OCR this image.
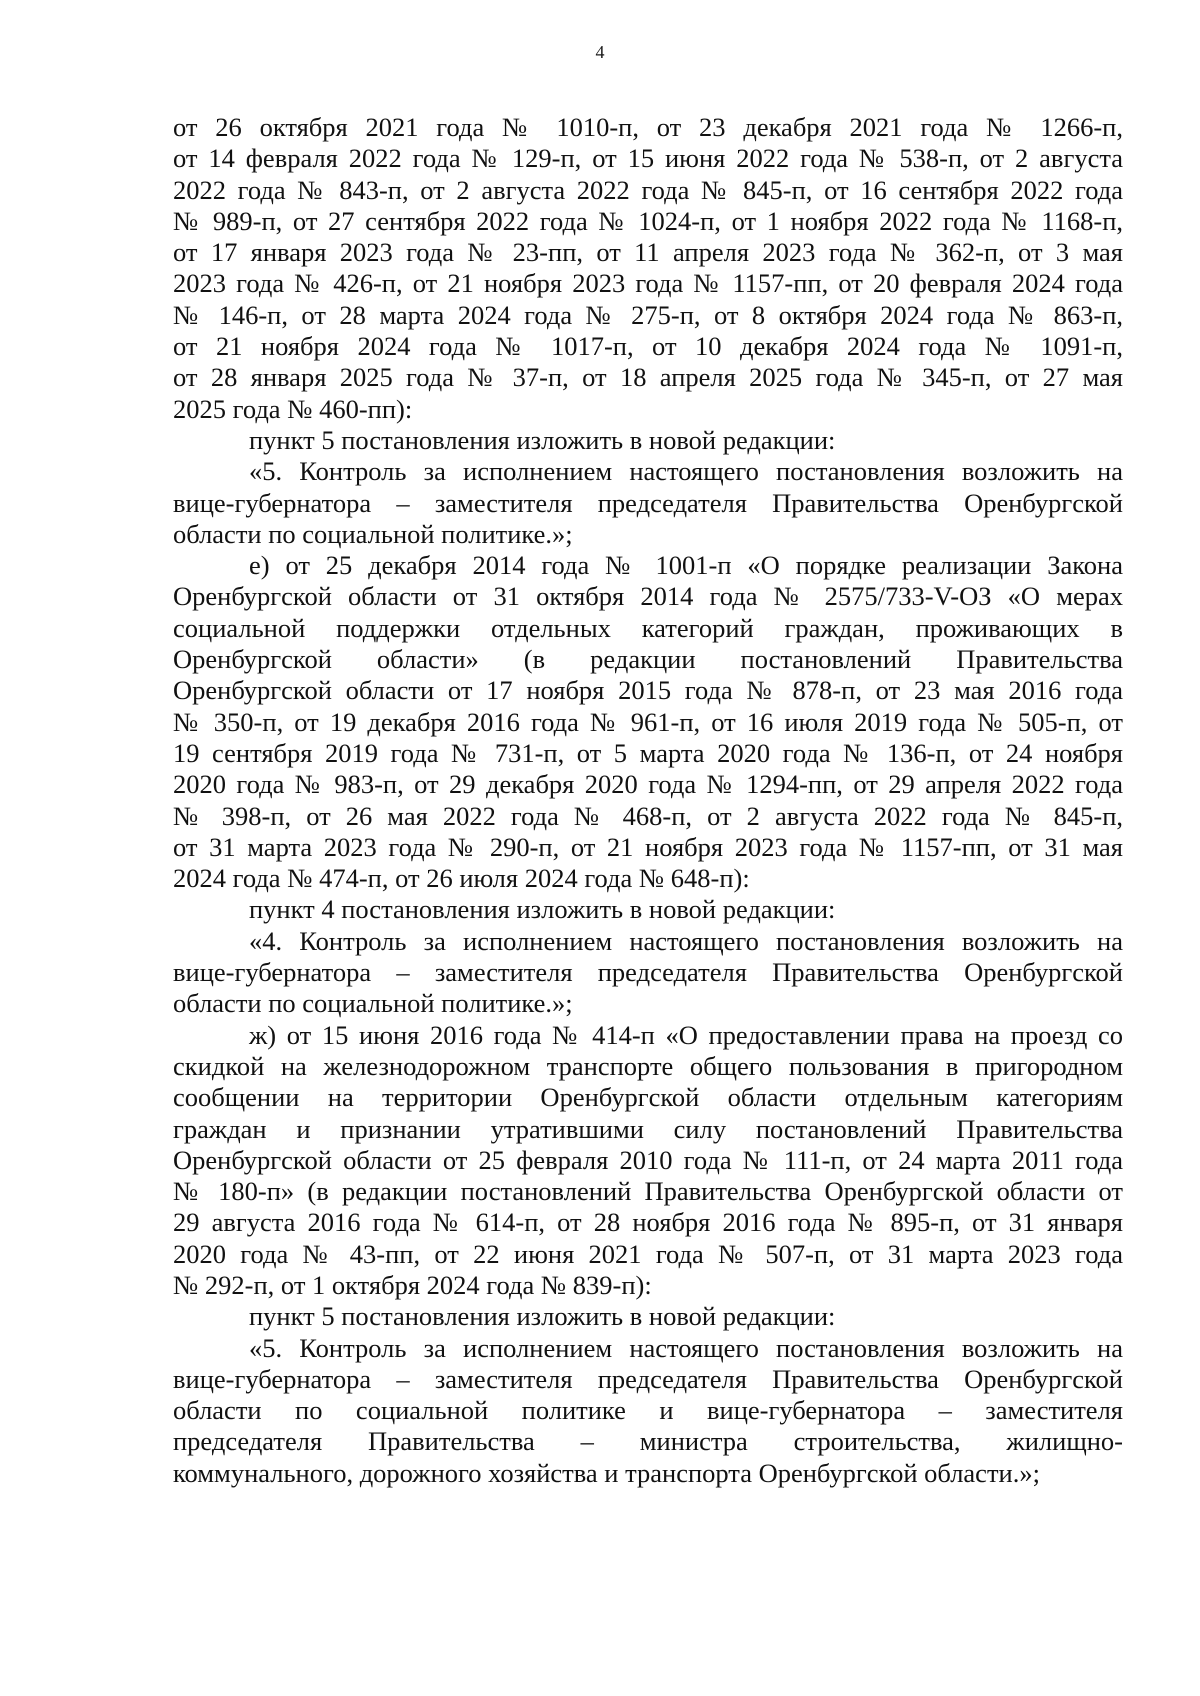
4
от 26 октября 2021 года № 1010-п, от 23 декабря 2021 года № 1266-п,
от 14 февраля 2022 года № 129-п, от 15 июня 2022 года № 538-п, от 2 августа
2022 года № 843-п, от 2 августа 2022 года № 845-п, от 16 сентября 2022 года
№ 989-п, от 27 сентября 2022 года № 1024-п, от 1 ноября 2022 года № 1168-п,
от 17 января 2023 года № 23-пп, от 11 апреля 2023 года № 362-п, от 3 мая
2023 года № 426-п, от 21 ноября 2023 года № 1157-пп, от 20 февраля 2024 года
№ 146-п, от 28 марта 2024 года № 275-п, от 8 октября 2024 года № 863-п,
от 21 ноября 2024 года № 1017-п, от 10 декабря 2024 года № 1091-п,
от 28 января 2025 года № 37-п, от 18 апреля 2025 года № 345-п, от 27 мая
2025 года № 460-пп):
пункт 5 постановления изложить в новой редакции:
«5. Контроль за исполнением настоящего постановления возложить на
вице-губернатора – заместителя председателя Правительства Оренбургской
области по социальной политике.»;
е) от 25 декабря 2014 года № 1001-п «О порядке реализации Закона
Оренбургской области от 31 октября 2014 года № 2575/733-V-ОЗ «О мерах
социальной поддержки отдельных категорий граждан, проживающих в
Оренбургской области» (в редакции постановлений Правительства
Оренбургской области от 17 ноября 2015 года № 878-п, от 23 мая 2016 года
№ 350-п, от 19 декабря 2016 года № 961-п, от 16 июля 2019 года № 505-п, от
19 сентября 2019 года № 731-п, от 5 марта 2020 года № 136-п, от 24 ноября
2020 года № 983-п, от 29 декабря 2020 года № 1294-пп, от 29 апреля 2022 года
№ 398-п, от 26 мая 2022 года № 468-п, от 2 августа 2022 года № 845-п,
от 31 марта 2023 года № 290-п, от 21 ноября 2023 года № 1157-пп, от 31 мая
2024 года № 474-п, от 26 июля 2024 года № 648-п):
пункт 4 постановления изложить в новой редакции:
«4. Контроль за исполнением настоящего постановления возложить на
вице-губернатора – заместителя председателя Правительства Оренбургской
области по социальной политике.»;
ж) от 15 июня 2016 года № 414-п «О предоставлении права на проезд со
скидкой на железнодорожном транспорте общего пользования в пригородном
сообщении на территории Оренбургской области отдельным категориям
граждан и признании утратившими силу постановлений Правительства
Оренбургской области от 25 февраля 2010 года № 111-п, от 24 марта 2011 года
№ 180-п» (в редакции постановлений Правительства Оренбургской области от
29 августа 2016 года № 614-п, от 28 ноября 2016 года № 895-п, от 31 января
2020 года № 43-пп, от 22 июня 2021 года № 507-п, от 31 марта 2023 года
№ 292-п, от 1 октября 2024 года № 839-п):
пункт 5 постановления изложить в новой редакции:
«5. Контроль за исполнением настоящего постановления возложить на
вице-губернатора – заместителя председателя Правительства Оренбургской
области по социальной политике и вице-губернатора – заместителя
председателя Правительства – министра строительства, жилищно-
коммунального, дорожного хозяйства и транспорта Оренбургской области.»;
